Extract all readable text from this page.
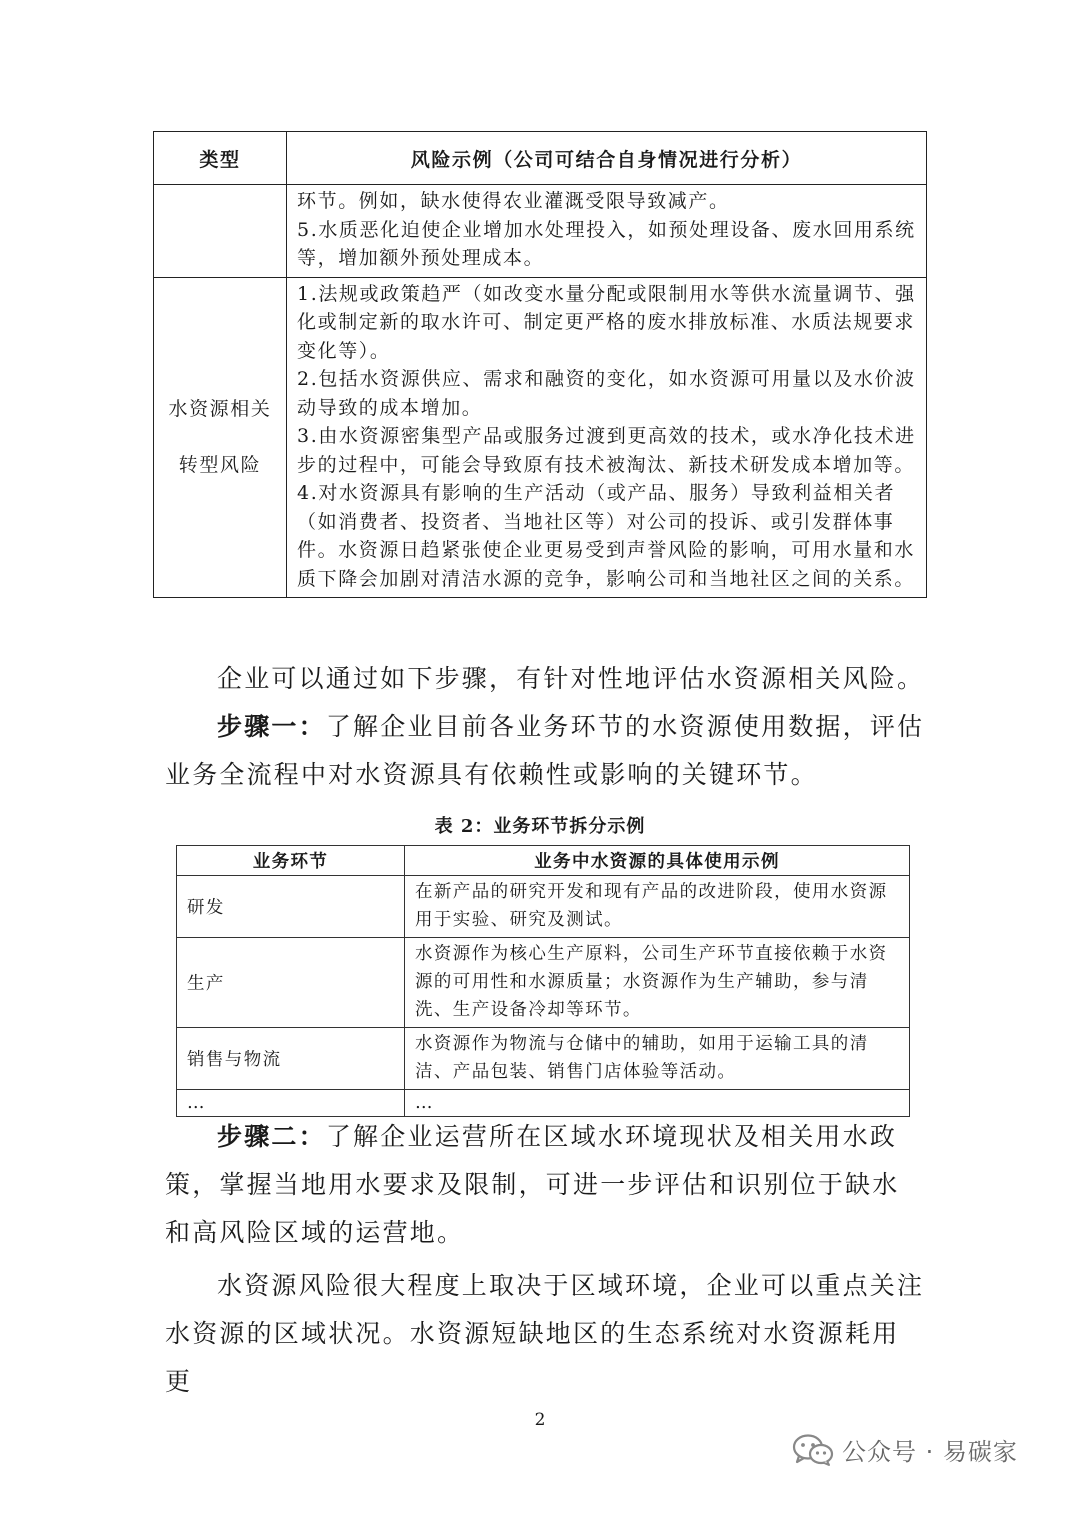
类型	风险示例（公司可结合自身情况进行分析）

	环节。例如，缺水使得农业灌溉受限导致减产。

5.水质恶化迫使企业增加水处理投入，如预处理设备、废水回用系统等，增加额外预处理成本。

水资源相关转型风险	1.法规或政策趋严（如改变水量分配或限制用水等供水流量调节、强化或制定新的取水许可、制定更严格的废水排放标准、水质法规要求变化等）。

2.包括水资源供应、需求和融资的变化，如水资源可用量以及水价波动导致的成本增加。

3.由水资源密集型产品或服务过渡到更高效的技术，或水净化技术进步的过程中，可能会导致原有技术被淘汰、新技术研发成本增加等。

4.对水资源具有影响的生产活动（或产品、服务）导致利益相关者（如消费者、投资者、当地社区等）对公司的投诉、或引发群体事件。水资源日趋紧张使企业更易受到声誉风险的影响，可用水量和水质下降会加剧对清洁水源的竞争，影响公司和当地社区之间的关系。

企业可以通过如下步骤，有针对性地评估水资源相关风险。

步骤一：了解企业目前各业务环节的水资源使用数据，评估业务全流程中对水资源具有依赖性或影响的关键环节。

表 2：业务环节拆分示例
业务环节	业务中水资源的具体使用示例
研发	在新产品的研究开发和现有产品的改进阶段，使用水资源用于实验、研究及测试。
生产	水资源作为核心生产原料，公司生产环节直接依赖于水资源的可用性和水源质量；水资源作为生产辅助，参与清洗、生产设备冷却等环节。
销售与物流	水资源作为物流与仓储中的辅助，如用于运输工具的清洁、产品包装、销售门店体验等活动。
…	…

步骤二：了解企业运营所在区域水环境现状及相关用水政策，掌握当地用水要求及限制，可进一步评估和识别位于缺水和高风险区域的运营地。

水资源风险很大程度上取决于区域环境，企业可以重点关注水资源的区域状况。水资源短缺地区的生态系统对水资源耗用更

2
公众号 · 易碳家
